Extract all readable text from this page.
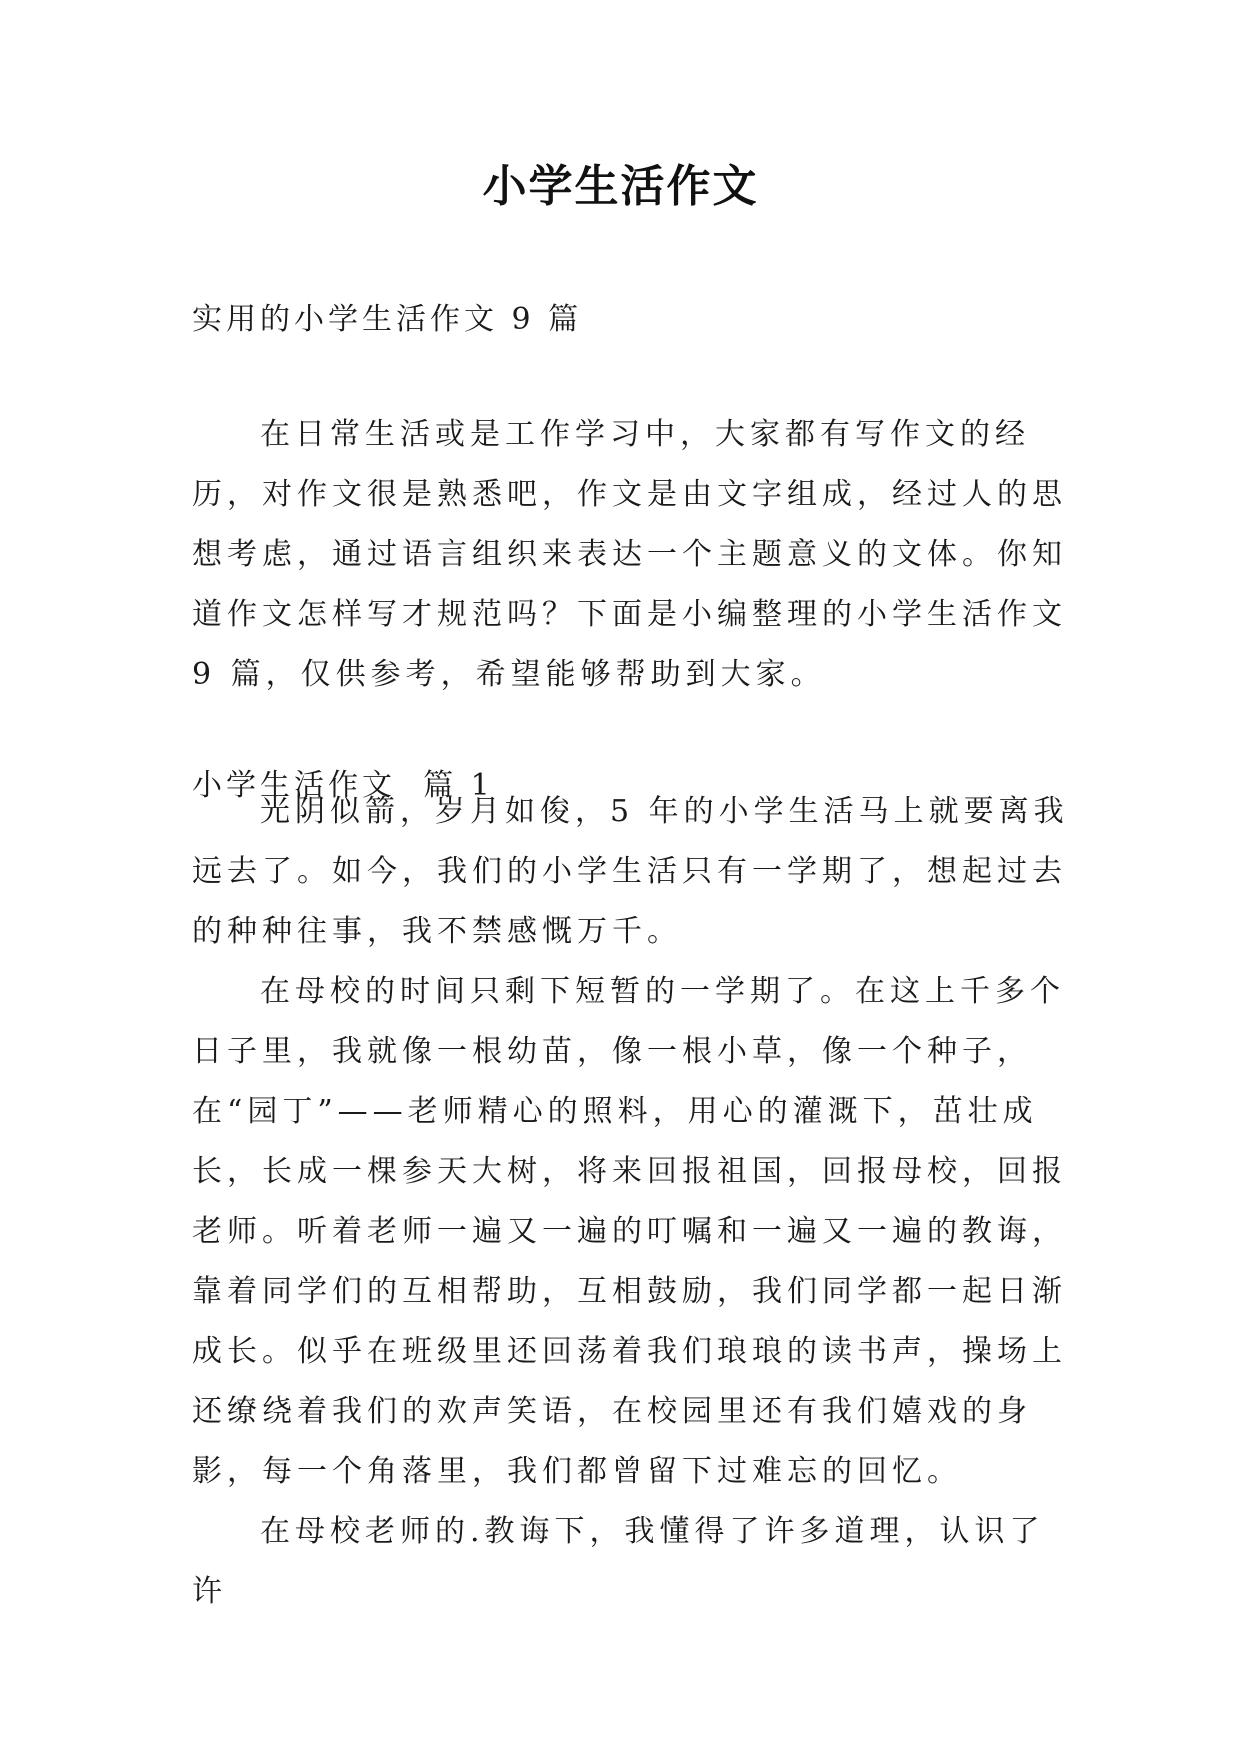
小学生活作文
实用的小学生活作文 9 篇

在日常生活或是工作学习中，大家都有写作文的经历，对作文很是熟悉吧，作文是由文字组成，经过人的思想考虑，通过语言组织来表达一个主题意义的文体。你知道作文怎样写才规范吗？下面是小编整理的小学生活作文 9 篇，仅供参考，希望能够帮助到大家。

小学生活作文  篇 1

光阴似箭，岁月如俊，5 年的小学生活马上就要离我远去了。如今，我们的小学生活只有一学期了，想起过去的种种往事，我不禁感慨万千。

在母校的时间只剩下短暂的一学期了。在这上千多个日子里，我就像一根幼苗，像一根小草，像一个种子，在“园丁”——老师精心的照料，用心的灌溉下，茁壮成长，长成一棵参天大树，将来回报祖国，回报母校，回报老师。听着老师一遍又一遍的叮嘱和一遍又一遍的教诲，靠着同学们的互相帮助，互相鼓励，我们同学都一起日渐成长。似乎在班级里还回荡着我们琅琅的读书声，操场上还缭绕着我们的欢声笑语，在校园里还有我们嬉戏的身影，每一个角落里，我们都曾留下过难忘的回忆。

在母校老师的.教诲下，我懂得了许多道理，认识了许
